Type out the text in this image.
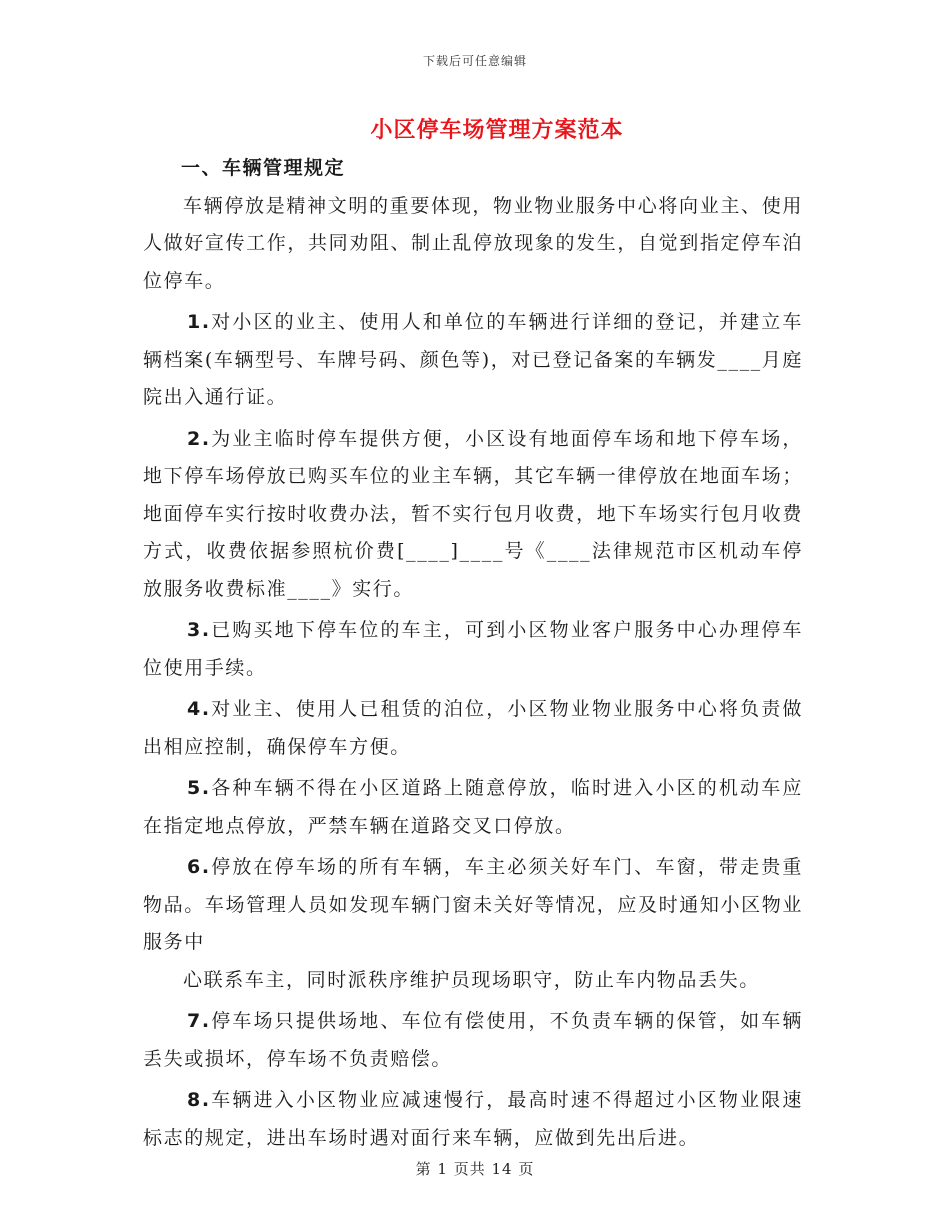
下载后可任意编辑
小区停车场管理方案范本

一、车辆管理规定

车辆停放是精神文明的重要体现，物业物业服务中心将向业主、使用人做好宣传工作，共同劝阻、制止乱停放现象的发生，自觉到指定停车泊位停车。

1.对小区的业主、使用人和单位的车辆进行详细的登记，并建立车辆档案(车辆型号、车牌号码、颜色等)，对已登记备案的车辆发____月庭院出入通行证。

2.为业主临时停车提供方便，小区设有地面停车场和地下停车场，地下停车场停放已购买车位的业主车辆，其它车辆一律停放在地面车场；地面停车实行按时收费办法，暂不实行包月收费，地下车场实行包月收费方式，收费依据参照杭价费[____]____号《____法律规范市区机动车停放服务收费标准____》实行。

3.已购买地下停车位的车主，可到小区物业客户服务中心办理停车位使用手续。

4.对业主、使用人已租赁的泊位，小区物业物业服务中心将负责做出相应控制，确保停车方便。

5.各种车辆不得在小区道路上随意停放，临时进入小区的机动车应在指定地点停放，严禁车辆在道路交叉口停放。

6.停放在停车场的所有车辆，车主必须关好车门、车窗，带走贵重物品。车场管理人员如发现车辆门窗未关好等情况，应及时通知小区物业服务中

心联系车主，同时派秩序维护员现场职守，防止车内物品丢失。

7.停车场只提供场地、车位有偿使用，不负责车辆的保管，如车辆丢失或损坏，停车场不负责赔偿。

8.车辆进入小区物业应减速慢行，最高时速不得超过小区物业限速标志的规定，进出车场时遇对面行来车辆，应做到先出后进。

第 1 页共 14 页
